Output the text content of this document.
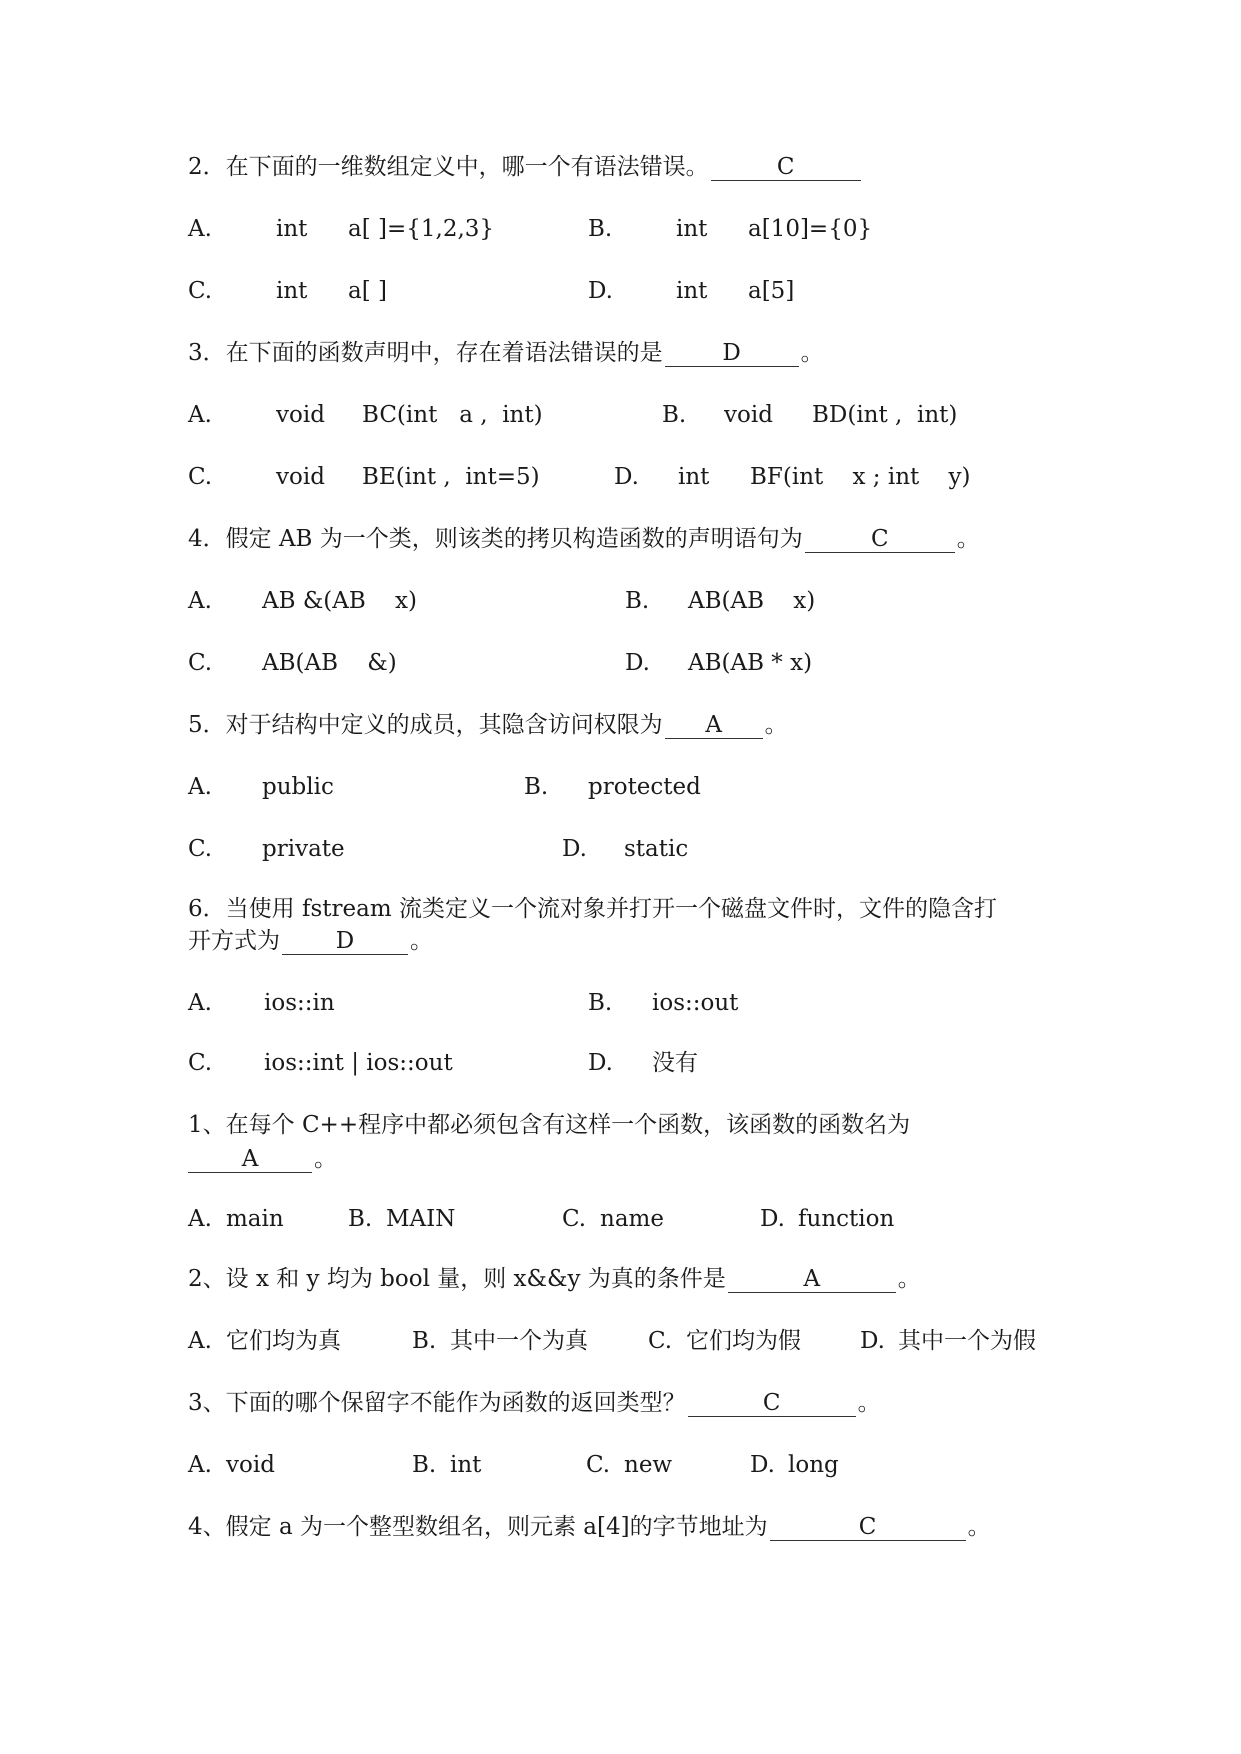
2．在下面的一维数组定义中，哪一个有语法错误。	C
A.	int a[ ]={1,2,3}	B.	int a[10]={0}
C.	int a[ ]	D.	int a[5]
3．在下面的函数声明中，存在着语法错误的是	D	。
A.	void BC(int   a ,  int)	B. void BD(int ,  int)
C.	void BE(int ,  int=5)	D. int BF(int    x ; int    y)
4．假定 AB 为一个类，则该类的拷贝构造函数的声明语句为	C	。
A. AB &(AB    x)	B. AB(AB    x)
C. AB(AB    &)	D. AB(AB * x)
5．对于结构中定义的成员，其隐含访问权限为 A 。
A. public	B. protected
C. private	D. static
6．当使用 fstream 流类定义一个流对象并打开一个磁盘文件时，文件的隐含打
开方式为 D 。
A. ios::in	B. ios::out
C. ios::int | ios::out	D. 没有
1、在每个 C++程序中都必须包含有这样一个函数，该函数的函数名为
A 。
A. main	B. MAIN	C. name	D. function
2、设 x 和 y 均为 bool 量，则 x&&y 为真的条件是	A	。
A. 它们均为真	B. 其中一个为真	C. 它们均为假	D. 其中一个为假
3、下面的哪个保留字不能作为函数的返回类型？	C	。
A. void	B. int	C. new	D. long
4、假定 a 为一个整型数组名，则元素 a[4]的字节地址为	C	。
